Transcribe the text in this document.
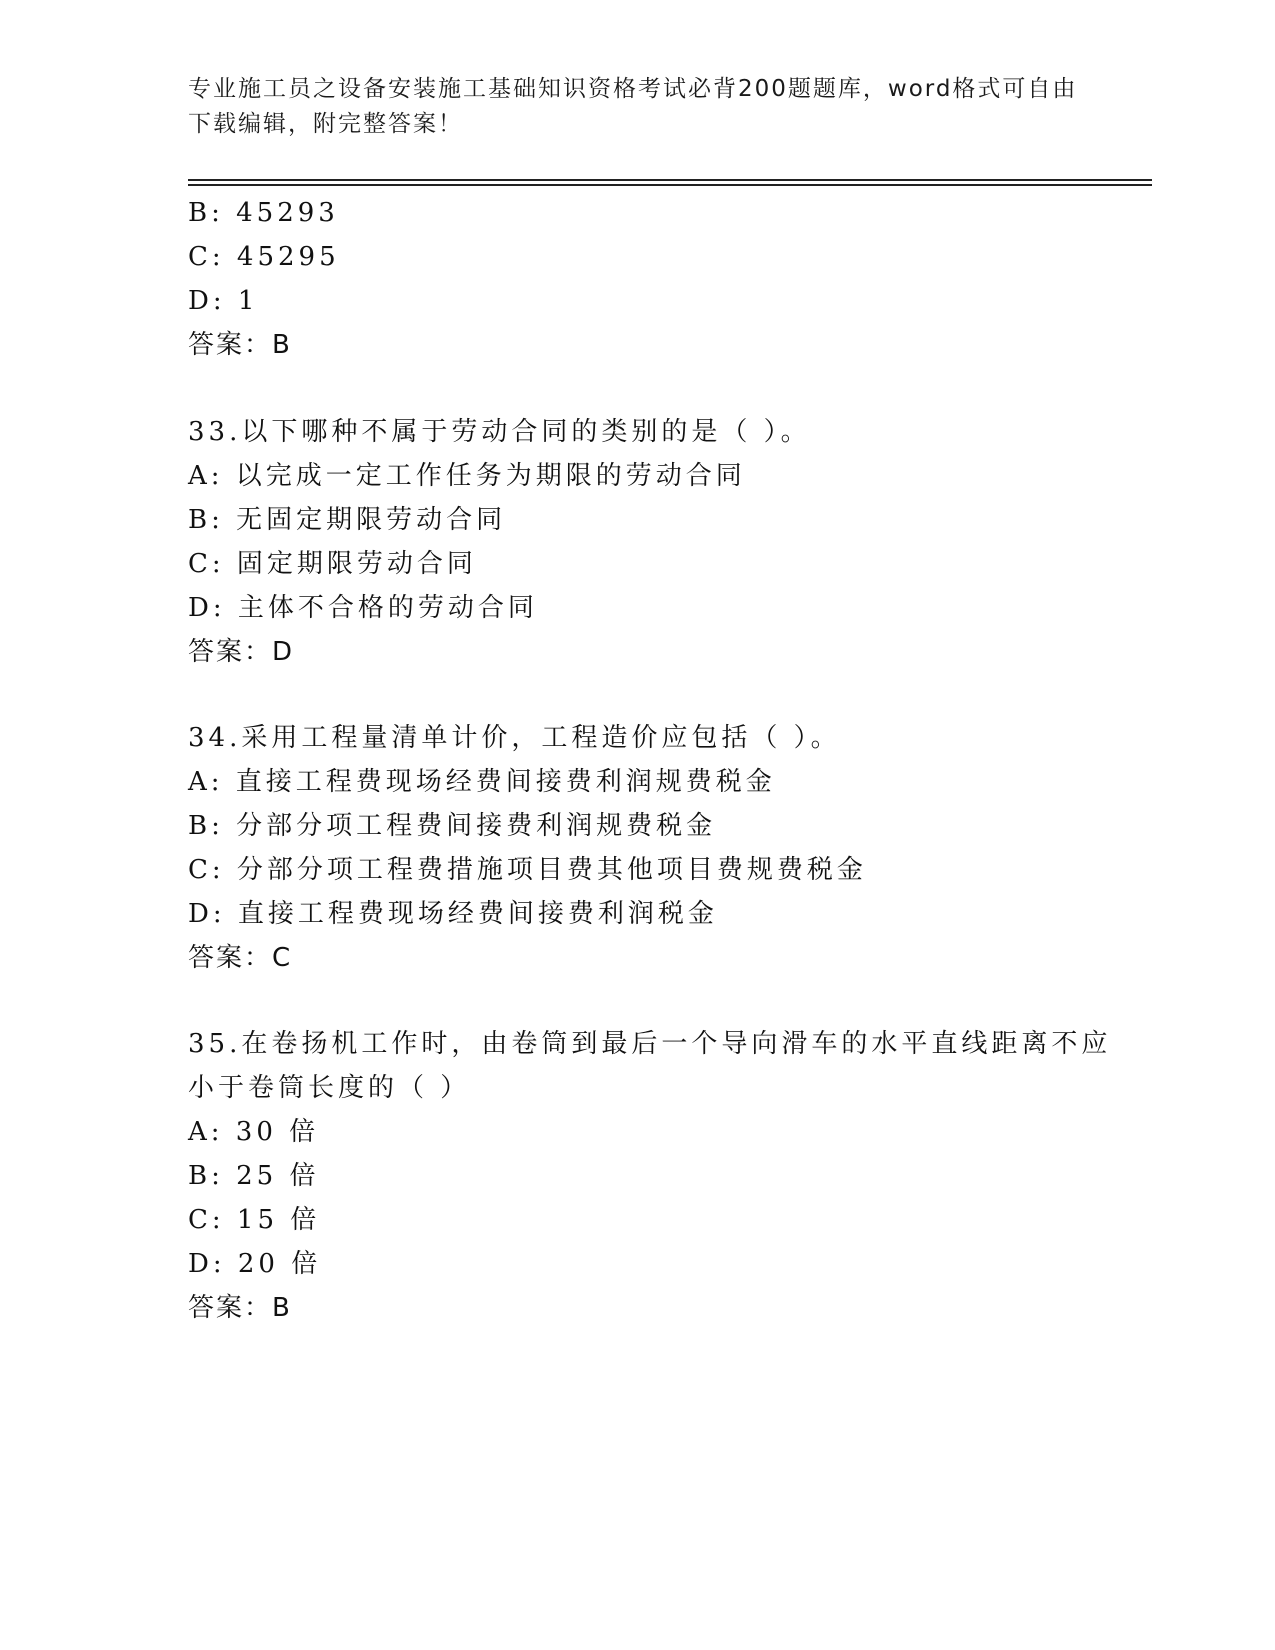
专业施工员之设备安装施工基础知识资格考试必背200题题库，word格式可自由
下载编辑，附完整答案！
B: 45293
C: 45295
D: 1
答案：B
33.以下哪种不属于劳动合同的类别的是（ ）。
A: 以完成一定工作任务为期限的劳动合同
B: 无固定期限劳动合同
C: 固定期限劳动合同
D: 主体不合格的劳动合同
答案：D
34.采用工程量清单计价，工程造价应包括（ ）。
A: 直接工程费现场经费间接费利润规费税金
B: 分部分项工程费间接费利润规费税金
C: 分部分项工程费措施项目费其他项目费规费税金
D: 直接工程费现场经费间接费利润税金
答案：C
35.在卷扬机工作时，由卷筒到最后一个导向滑车的水平直线距离不应
小于卷筒长度的（ ）
A: 30 倍
B: 25 倍
C: 15 倍
D: 20 倍
答案：B
